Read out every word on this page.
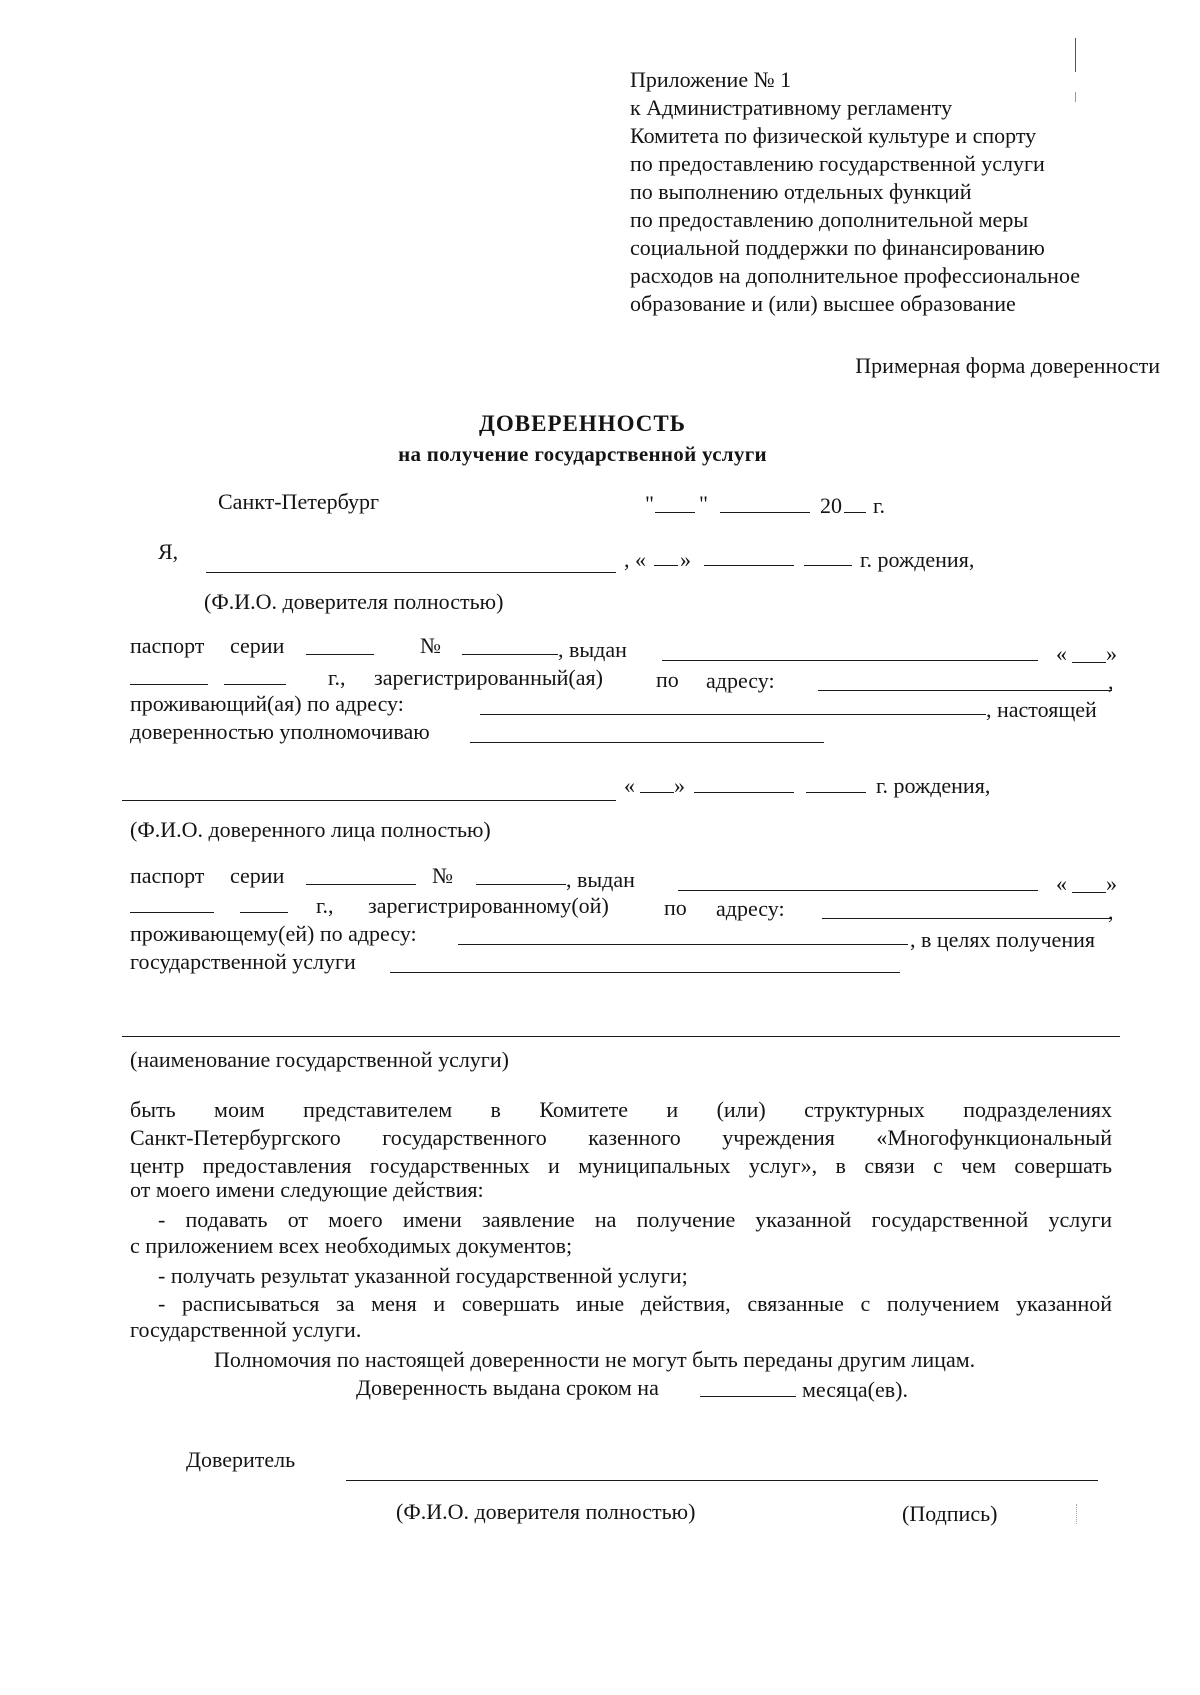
Приложение № 1
к Административному регламенту
Комитета по физической культуре и спорту
по предоставлению государственной услуги
по выполнению отдельных функций
по предоставлению дополнительной меры
социальной поддержки по финансированию
расходов на дополнительное профессиональное
образование и (или) высшее образование
Примерная форма доверенности
ДОВЕРЕННОСТЬ
на получение государственной услуги
Санкт-Петербург	" "	20 г.
Я,	, « »	г. рождения,
(Ф.И.О. доверителя полностью)
паспорт серии	№	, выдан	« »
г., зарегистрированный(ая) по адресу:	,
проживающий(ая) по адресу:	, настоящей
доверенностью уполномочиваю
« »	г. рождения,
(Ф.И.О. доверенного лица полностью)
паспорт серии	№	, выдан	« »
г., зарегистрированному(ой)	по адресу:	,
проживающему(ей) по адресу:	, в целях получения
государственной услуги
(наименование государственной услуги)
быть моим представителем в Комитете и (или) структурных подразделениях
Санкт-Петербургского государственного казенного учреждения «Многофункциональный
центр предоставления государственных и муниципальных услуг», в связи с чем совершать
от моего имени следующие действия:
- подавать от моего имени заявление на получение указанной государственной услуги
с приложением всех необходимых документов;
- получать результат указанной государственной услуги;
- расписываться за меня и совершать иные действия, связанные с получением указанной
государственной услуги.
Полномочия по настоящей доверенности не могут быть переданы другим лицам.
Доверенность выдана сроком на	месяца(ев).
Доверитель
(Ф.И.О. доверителя полностью)	(Подпись)
